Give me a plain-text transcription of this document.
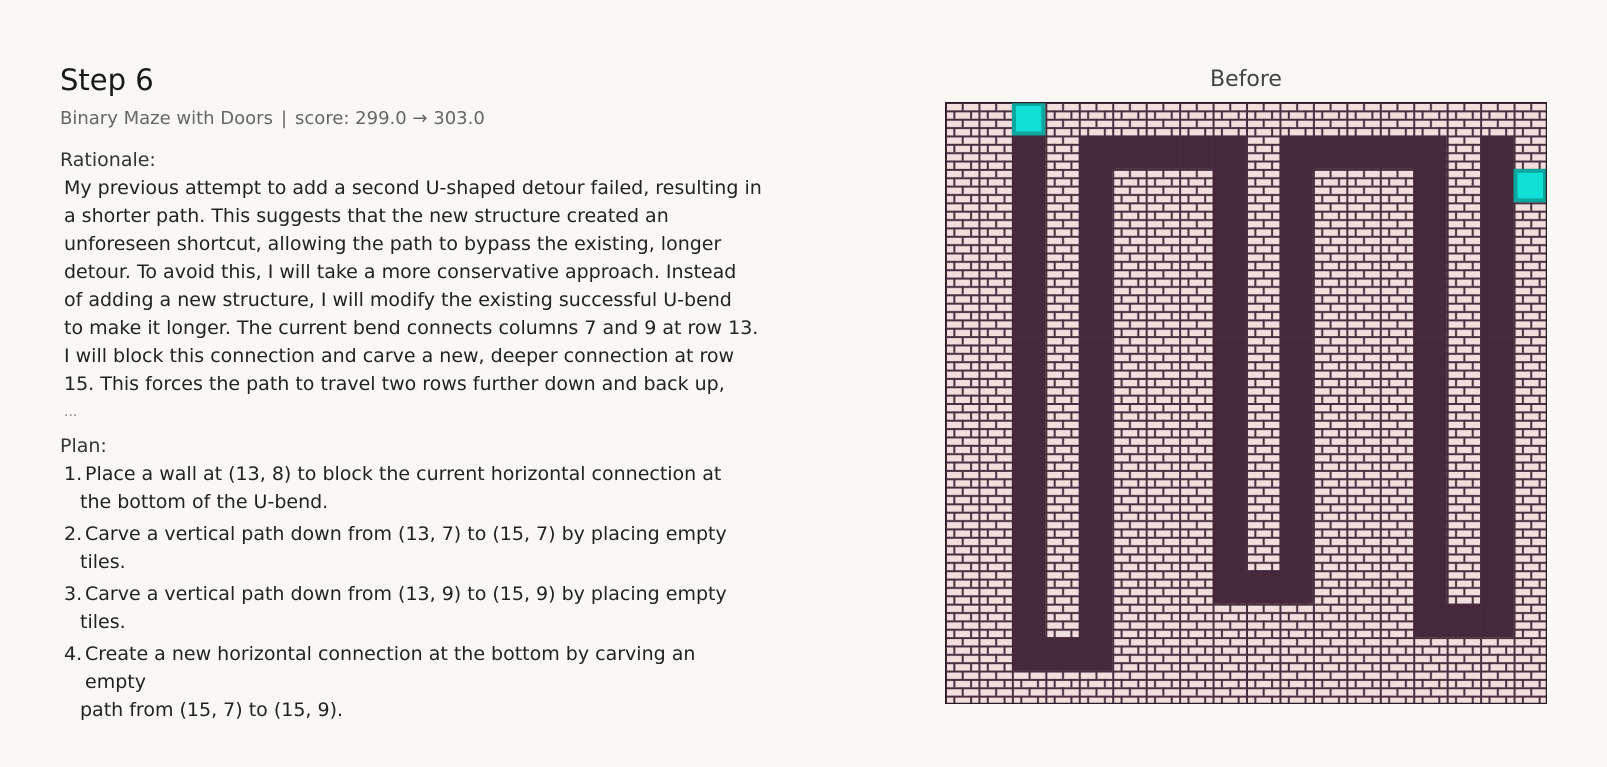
Step 6
Binary Maze with Doors | score: 299.0 → 303.0
Rationale:
My previous attempt to add a second U-shaped detour failed, resulting in
a shorter path. This suggests that the new structure created an
unforeseen shortcut, allowing the path to bypass the existing, longer
detour. To avoid this, I will take a more conservative approach. Instead
of adding a new structure, I will modify the existing successful U-bend
to make it longer. The current bend connects columns 7 and 9 at row 13.
I will block this connection and carve a new, deeper connection at row
15. This forces the path to travel two rows further down and back up,
...
Plan:
1. Place a wall at (13, 8) to block the current horizontal connection at
the bottom of the U-bend.
2. Carve a vertical path down from (13, 7) to (15, 7) by placing empty
tiles.
3. Carve a vertical path down from (13, 9) to (15, 9) by placing empty
tiles.
4. Create a new horizontal connection at the bottom by carving an empty
path from (15, 7) to (15, 9).
Before
